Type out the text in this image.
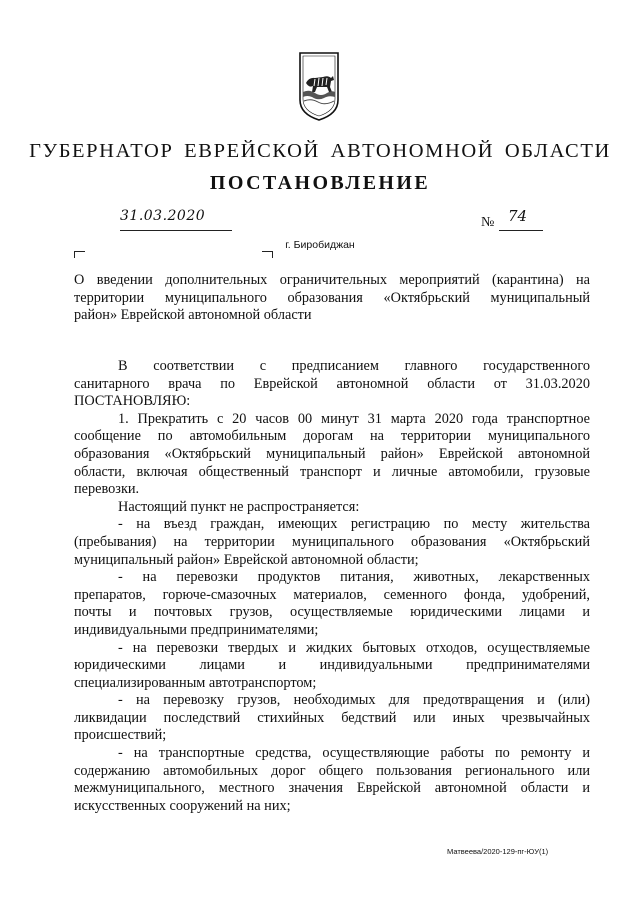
ГУБЕРНАТОР ЕВРЕЙСКОЙ АВТОНОМНОЙ ОБЛАСТИ
ПОСТАНОВЛЕНИЕ
31.03.2020	№ 74
г. Биробиджан
О введении дополнительных ограничительных мероприятий (карантина) на
территории муниципального образования «Октябрьский муниципальный
район» Еврейской автономной области
В соответствии с предписанием главного государственного
санитарного врача по Еврейской автономной области от 31.03.2020
ПОСТАНОВЛЯЮ:
1. Прекратить с 20 часов 00 минут 31 марта 2020 года транспортное
сообщение по автомобильным дорогам на территории муниципального
образования «Октябрьский муниципальный район» Еврейской автономной
области, включая общественный транспорт и личные автомобили, грузовые
перевозки.
Настоящий пункт не распространяется:
- на въезд граждан, имеющих регистрацию по месту жительства
(пребывания) на территории муниципального образования «Октябрьский
муниципальный район» Еврейской автономной области;
- на перевозки продуктов питания, животных, лекарственных
препаратов, горюче-смазочных материалов, семенного фонда, удобрений,
почты и почтовых грузов, осуществляемые юридическими лицами и
индивидуальными предпринимателями;
- на перевозки твердых и жидких бытовых отходов, осуществляемые
юридическими лицами и индивидуальными предпринимателями
специализированным автотранспортом;
- на перевозку грузов, необходимых для предотвращения и (или)
ликвидации последствий стихийных бедствий или иных чрезвычайных
происшествий;
- на транспортные средства, осуществляющие работы по ремонту и
содержанию автомобильных дорог общего пользования регионального или
межмуниципального, местного значения Еврейской автономной области и
искусственных сооружений на них;
Матвеева/2020-129-пг-ЮУ(1)
